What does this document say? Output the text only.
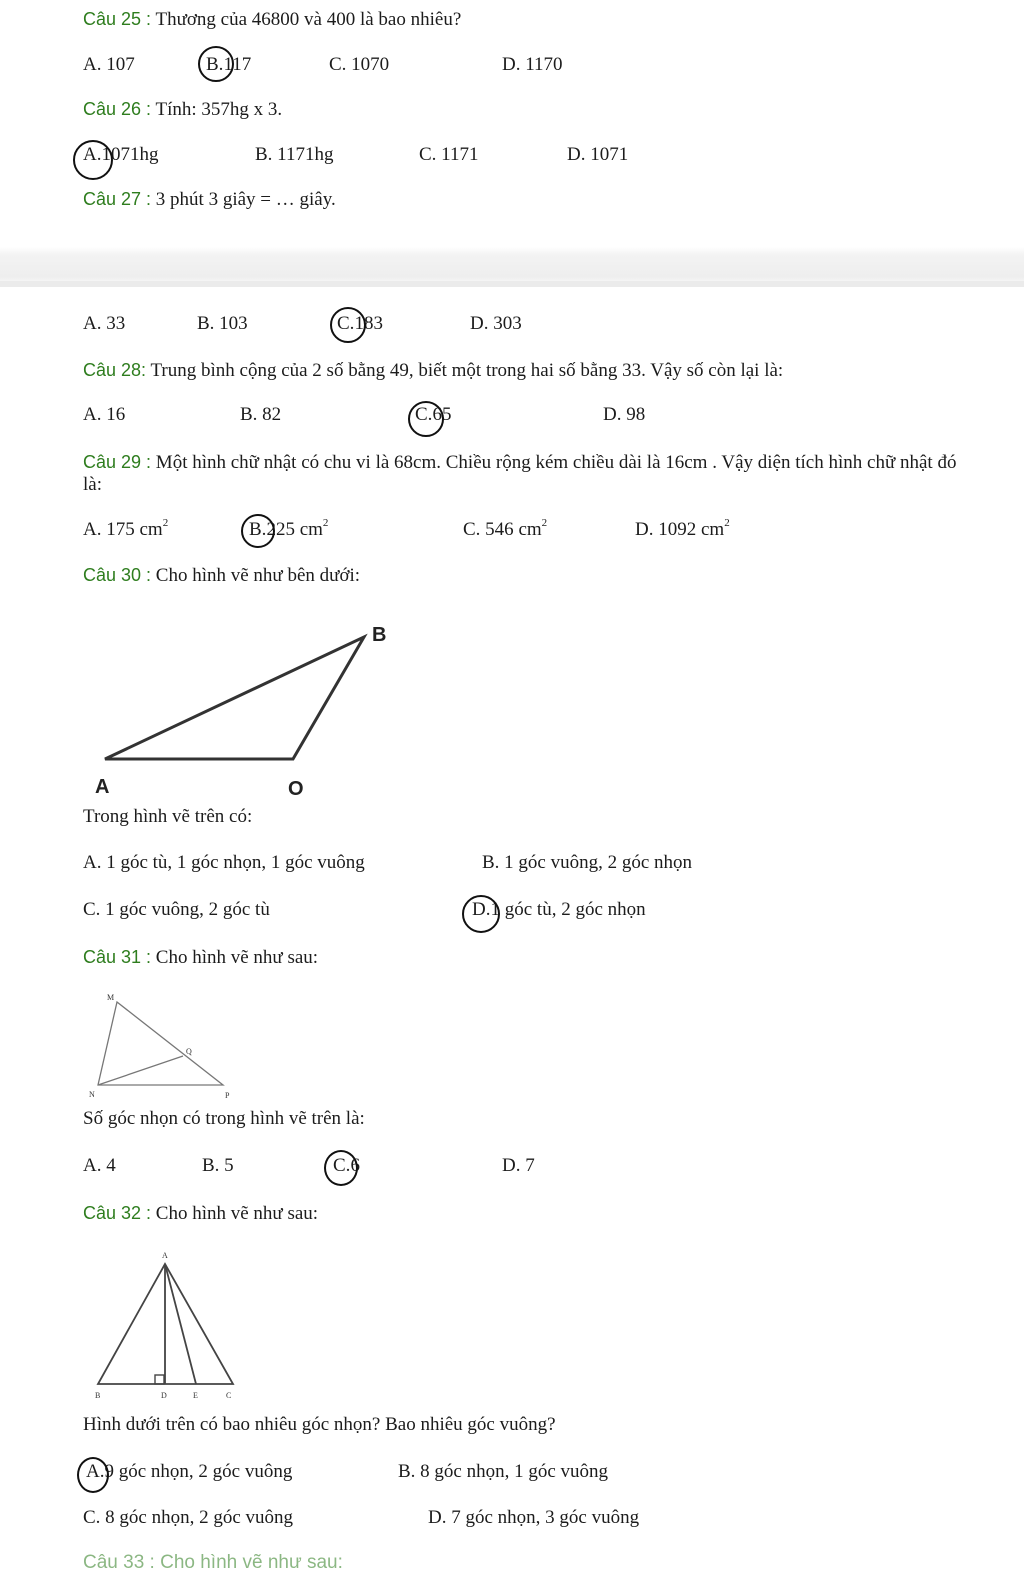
Câu 25 : Thương của 46800 và 400 là bao nhiêu?
A. 107	B.117	C. 1070	D. 1170
Câu 26 : Tính: 357hg x 3.
A.1071hg	B. 1171hg	C. 1171	D. 1071
Câu 27 : 3 phút 3 giây = … giây.
A. 33	B. 103	C.183	D. 303
Câu 28: Trung bình cộng của 2 số bằng 49, biết một trong hai số bằng 33. Vậy số còn lại là:
A. 16	B. 82	C.65	D. 98
Câu 29 : Một hình chữ nhật có chu vi là 68cm. Chiều rộng kém chiều dài là 16cm . Vậy diện tích hình chữ nhật đó là:
A. 175 $cm^2$	B.225 $cm^2$	C. 546 $cm^2$	D. 1092 $cm^2$
Câu 30 : Cho hình vẽ như bên dưới:
A	O
B
Trong hình vẽ trên có:
A. 1 góc tù, 1 góc nhọn, 1 góc vuông	B. 1 góc vuông, 2 góc nhọn
C. 1 góc vuông, 2 góc tù	D.1 góc tù, 2 góc nhọn
Câu 31 : Cho hình vẽ như sau:
M
Q
N	P
Số góc nhọn có trong hình vẽ trên là:
A. 4	B. 5	C.6	D. 7
Câu 32 : Cho hình vẽ như sau:
A
B	D	E	C
Hình dưới trên có bao nhiêu góc nhọn? Bao nhiêu góc vuông?
A.9 góc nhọn, 2 góc vuông	B. 8 góc nhọn, 1 góc vuông
C. 8 góc nhọn, 2 góc vuông	D. 7 góc nhọn, 3 góc vuông
Câu 33 : Cho hình vẽ như sau:
